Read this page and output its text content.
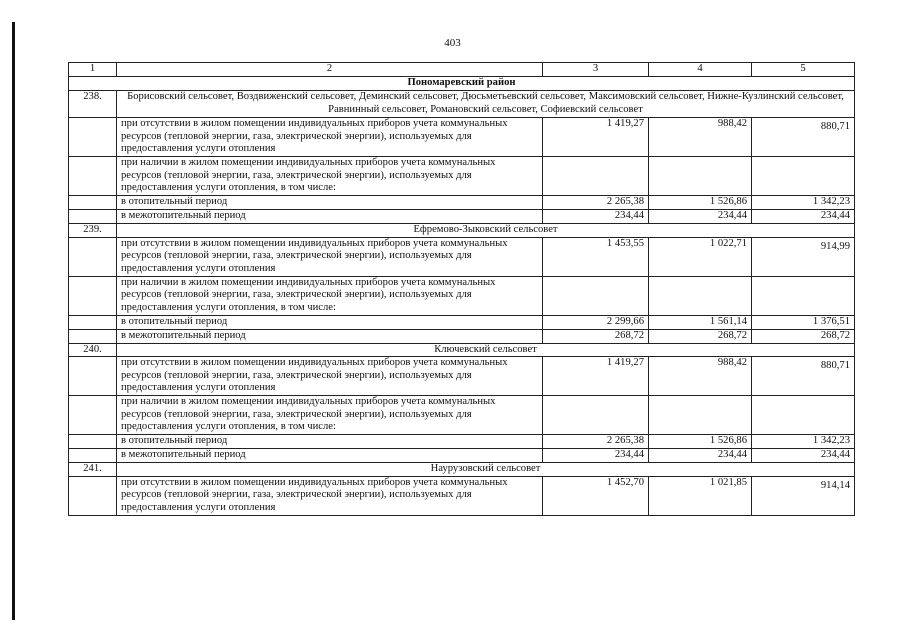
403
1	2	3	4	5
Пономаревский район				
238.	Борисовский сельсовет, Воздвиженский сельсовет, Деминский сельсовет, Дюсьметьевский сельсовет, Максимовский сельсовет, Нижне-Кузлинский сельсовет, Равнинный сельсовет, Романовский сельсовет, Софиевский сельсовет			
	при отсутствии в жилом помещении индивидуальных приборов учета коммунальных ресурсов (тепловой энергии, газа, электрической энергии), используемых для предоставления услуги отопления	1 419,27	988,42	880,71
	при наличии в жилом помещении индивидуальных приборов учета коммунальных ресурсов (тепловой энергии, газа, электрической энергии), используемых для предоставления услуги отопления, в том числе:			
	в отопительный период	2 265,38	1 526,86	1 342,23
	в межотопительный период	234,44	234,44	234,44
239.	Ефремово-Зыковский сельсовет			
	при отсутствии в жилом помещении индивидуальных приборов учета коммунальных ресурсов (тепловой энергии, газа, электрической энергии), используемых для предоставления услуги отопления	1 453,55	1 022,71	914,99
	при наличии в жилом помещении индивидуальных приборов учета коммунальных ресурсов (тепловой энергии, газа, электрической энергии), используемых для предоставления услуги отопления, в том числе:			
	в отопительный период	2 299,66	1 561,14	1 376,51
	в межотопительный период	268,72	268,72	268,72
240.	Ключевский сельсовет			
	при отсутствии в жилом помещении индивидуальных приборов учета коммунальных ресурсов (тепловой энергии, газа, электрической энергии), используемых для предоставления услуги отопления	1 419,27	988,42	880,71
	при наличии в жилом помещении индивидуальных приборов учета коммунальных ресурсов (тепловой энергии, газа, электрической энергии), используемых для предоставления услуги отопления, в том числе:			
	в отопительный период	2 265,38	1 526,86	1 342,23
	в межотопительный период	234,44	234,44	234,44
241.	Наурузовский сельсовет			
	при отсутствии в жилом помещении индивидуальных приборов учета коммунальных ресурсов (тепловой энергии, газа, электрической энергии), используемых для предоставления услуги отопления	1 452,70	1 021,85	914,14
